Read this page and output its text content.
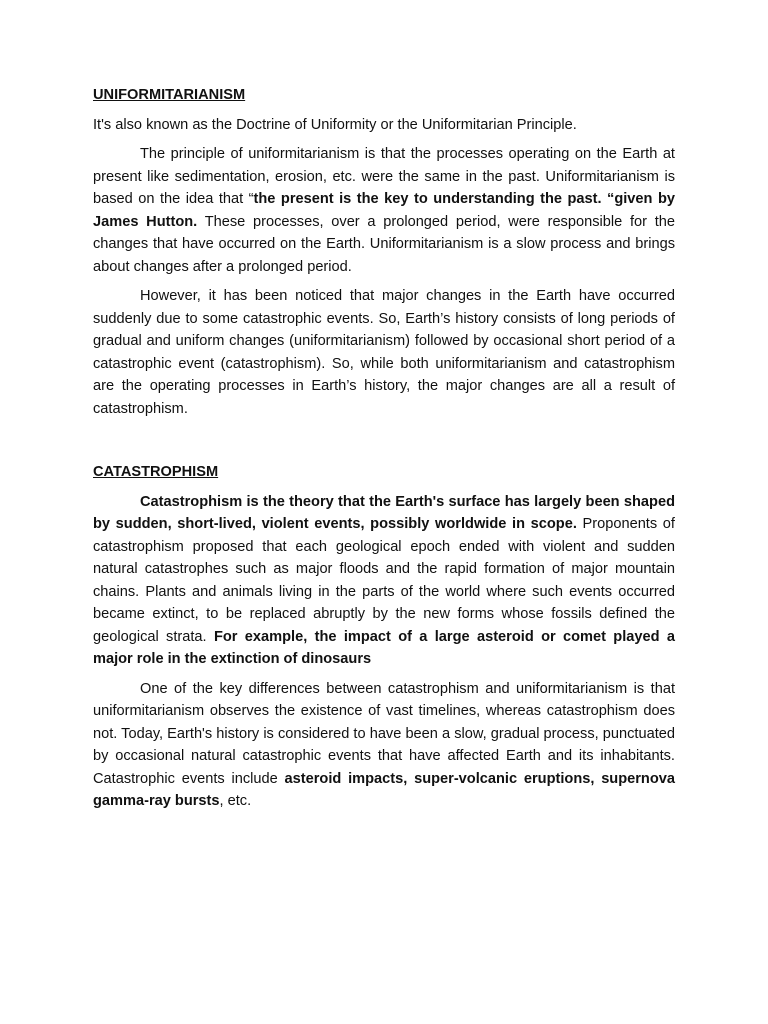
UNIFORMITARIANISM
It's also known as the Doctrine of Uniformity or the Uniformitarian Principle.
The principle of uniformitarianism is that the processes operating on the Earth at present like sedimentation, erosion, etc. were the same in the past. Uniformitarianism is based on the idea that “the present is the key to understanding the past. “given by James Hutton. These processes, over a prolonged period, were responsible for the changes that have occurred on the Earth. Uniformitarianism is a slow process and brings about changes after a prolonged period.
However, it has been noticed that major changes in the Earth have occurred suddenly due to some catastrophic events. So, Earth’s history consists of long periods of gradual and uniform changes (uniformitarianism) followed by occasional short period of a catastrophic event (catastrophism). So, while both uniformitarianism and catastrophism are the operating processes in Earth’s history, the major changes are all a result of catastrophism.
CATASTROPHISM
Catastrophism is the theory that the Earth's surface has largely been shaped by sudden, short-lived, violent events, possibly worldwide in scope. Proponents of catastrophism proposed that each geological epoch ended with violent and sudden natural catastrophes such as major floods and the rapid formation of major mountain chains. Plants and animals living in the parts of the world where such events occurred became extinct, to be replaced abruptly by the new forms whose fossils defined the geological strata. For example, the impact of a large asteroid or comet played a major role in the extinction of dinosaurs
One of the key differences between catastrophism and uniformitarianism is that uniformitarianism observes the existence of vast timelines, whereas catastrophism does not. Today, Earth's history is considered to have been a slow, gradual process, punctuated by occasional natural catastrophic events that have affected Earth and its inhabitants. Catastrophic events include asteroid impacts, super-volcanic eruptions, supernova gamma-ray bursts, etc.
